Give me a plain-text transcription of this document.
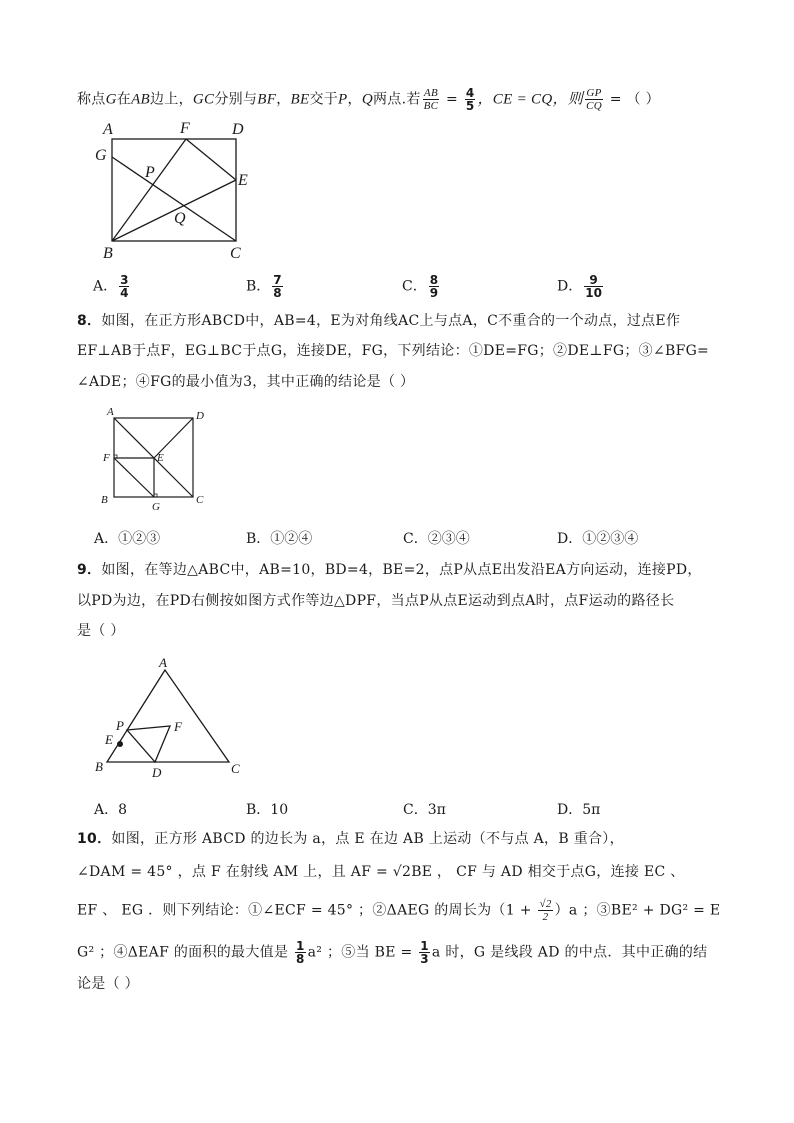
称点G在AB边上，GC分别与BF，BE交于P，Q两点.若 $\frac{AB}{BC} = \frac{4}{5}$ ，CE = CQ，则 $\frac{GP}{CQ}$ = （ ）
A	F	D
G
P	E
Q
B	C
A． $\frac{3}{4}$	B． $\frac{7}{8}$	C． $\frac{8}{9}$	D． $\frac{9}{10}$
8．如图，在正方形ABCD中，AB=4，E为对角线AC上与点A，C不重合的一个动点，过点E作
EF⊥AB于点F，EG⊥BC于点G，连接DE，FG，下列结论：①DE=FG；②DE⊥FG；③∠BFG=
∠ADE；④FG的最小值为3，其中正确的结论是（ ）
A	D
F	E
B
G
C
A．①②③	B．①②④	C．②③④	D．①②③④
9．如图，在等边△ABC中，AB=10，BD=4，BE=2，点P从点E出发沿EA方向运动，连接PD，
以PD为边，在PD右侧按如图方式作等边△DPF，当点P从点E运动到点A时，点F运动的路径长
是（ ）
A
P	F
E
B	D	C
A．8	B．10	C．3π	D．5π
10．如图，正方形 ABCD 的边长为 a，点 E 在边 AB 上运动（不与点 A，B 重合），
∠DAM = 45° ，点 F 在射线 AM 上，且 AF = √2BE ， CF 与 AD 相交于点G，连接 EC 、
EF 、 EG ．则下列结论：①∠ECF = 45° ；②ΔAEG 的周长为$(1 + \frac{√2}{2} )a$ ；③BE² + DG² = E
G² ；④ΔEAF 的面积的最大值是 $\frac{1}{8} a^2$ ；⑤当 BE = $\frac{1}{3}$ a 时，G 是线段 AD 的中点．其中正确的结
论是（ ）
